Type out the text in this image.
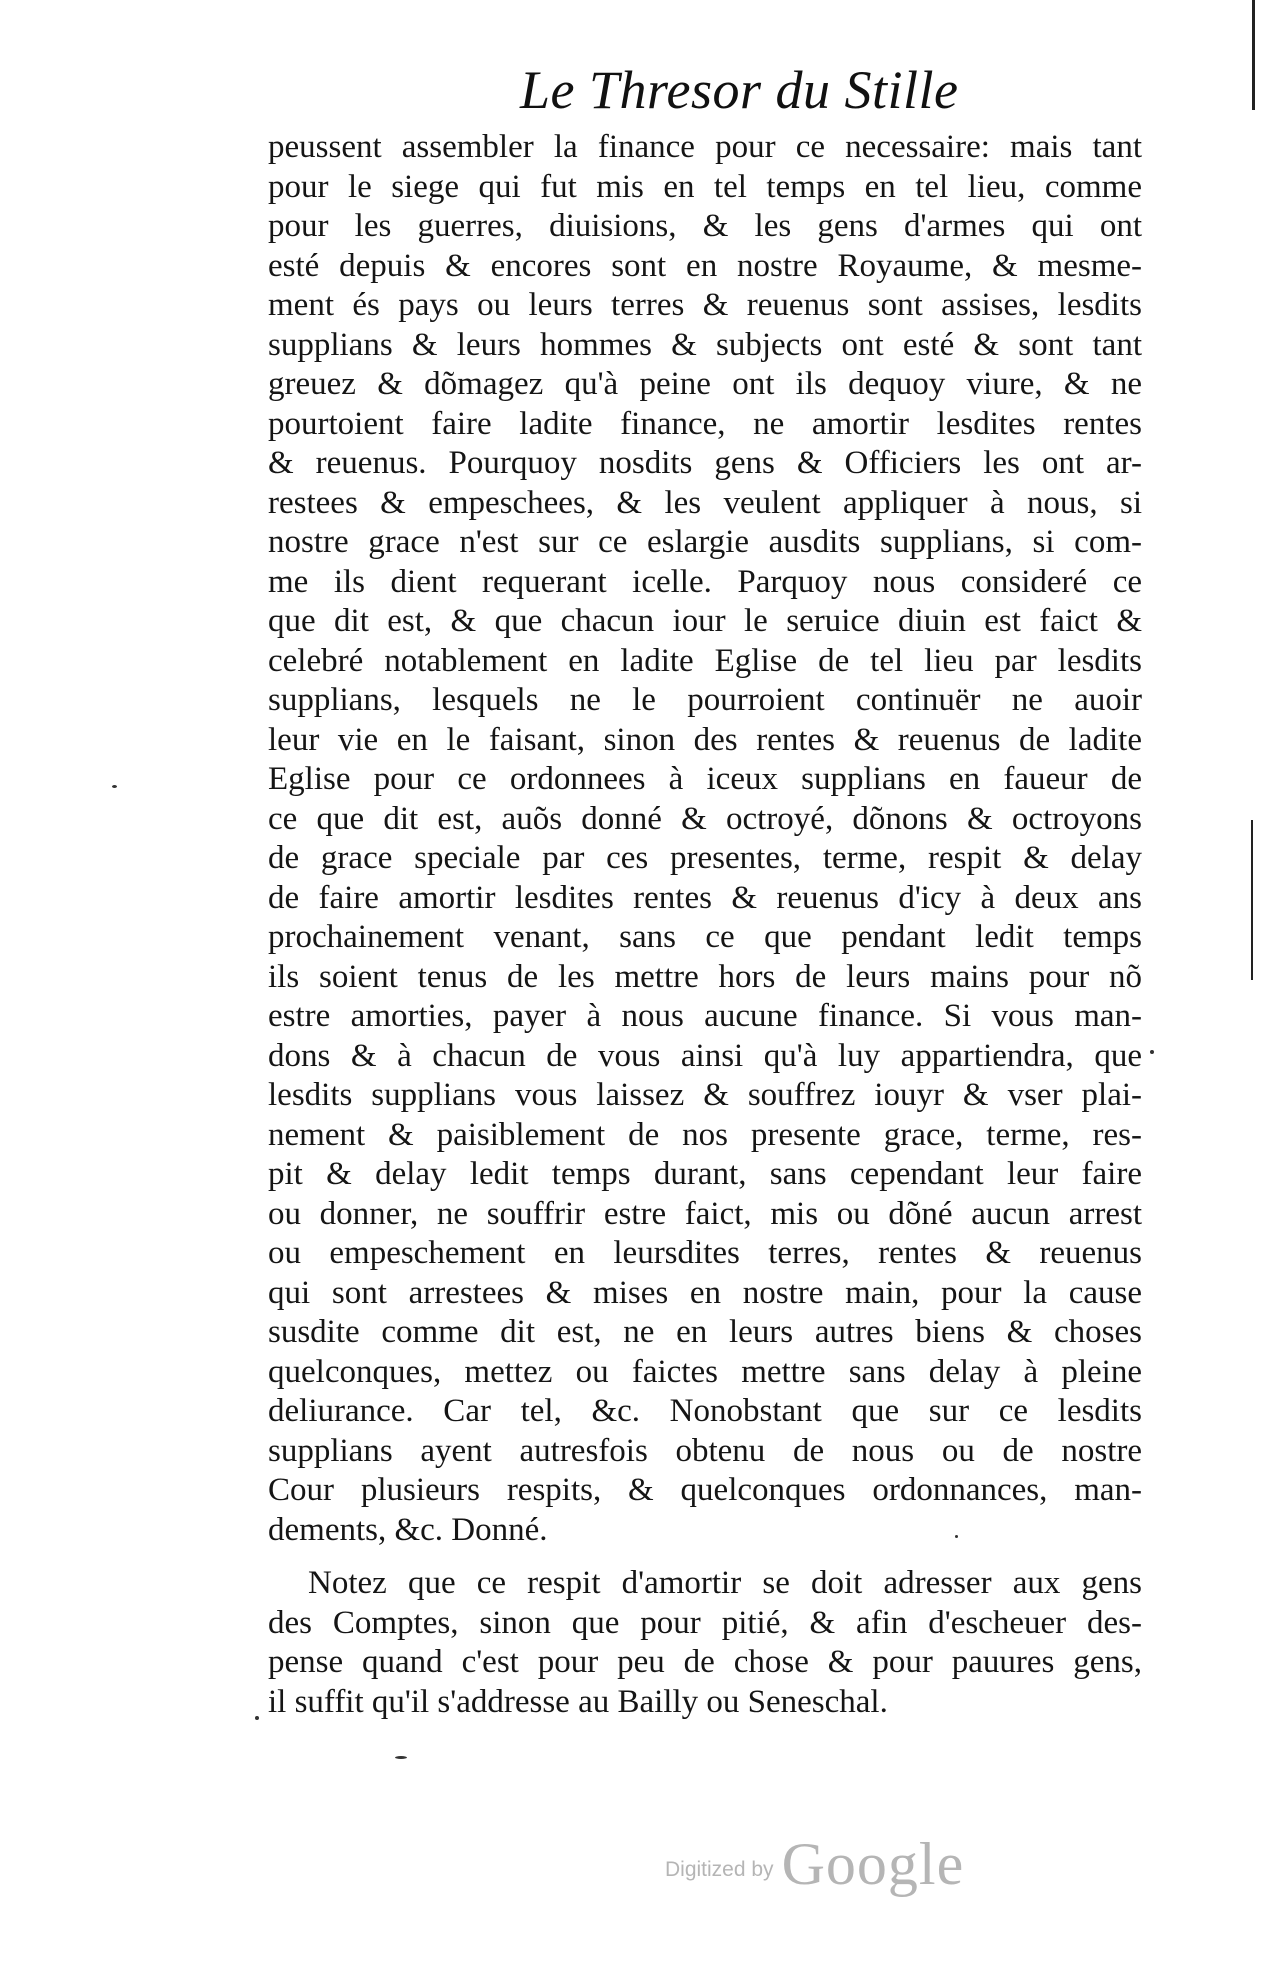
Le Thresor du Stille
peussent assembler la finance pour ce necessaire: mais tant
pour le siege qui fut mis en tel temps en tel lieu, comme
pour les guerres, diuisions, & les gens d'armes qui ont
esté depuis & encores sont en nostre Royaume, & mesme-
ment és pays ou leurs terres & reuenus sont assises, lesdits
supplians & leurs hommes & subjects ont esté & sont tant
greuez & dõmagez qu'à peine ont ils dequoy viure, & ne
pourtoient faire ladite finance, ne amortir lesdites rentes
& reuenus. Pourquoy nosdits gens & Officiers les ont ar-
restees & empeschees, & les veulent appliquer à nous, si
nostre grace n'est sur ce eslargie ausdits supplians, si com-
me ils dient requerant icelle. Parquoy nous consideré ce
que dit est, & que chacun iour le seruice diuin est faict &
celebré notablement en ladite Eglise de tel lieu par lesdits
supplians, lesquels ne le pourroient continuër ne auoir
leur vie en le faisant, sinon des rentes & reuenus de ladite
Eglise pour ce ordonnees à iceux supplians en faueur de
ce que dit est, auõs donné & octroyé, dõnons & octroyons
de grace speciale par ces presentes, terme, respit & delay
de faire amortir lesdites rentes & reuenus d'icy à deux ans
prochainement venant, sans ce que pendant ledit temps
ils soient tenus de les mettre hors de leurs mains pour nõ
estre amorties, payer à nous aucune finance. Si vous man-
dons & à chacun de vous ainsi qu'à luy appartiendra, que
lesdits supplians vous laissez & souffrez iouyr & vser plai-
nement & paisiblement de nos presente grace, terme, res-
pit & delay ledit temps durant, sans cependant leur faire
ou donner, ne souffrir estre faict, mis ou dõné aucun arrest
ou empeschement en leursdites terres, rentes & reuenus
qui sont arrestees & mises en nostre main, pour la cause
susdite comme dit est, ne en leurs autres biens & choses
quelconques, mettez ou faictes mettre sans delay à pleine
deliurance. Car tel, &c. Nonobstant que sur ce lesdits
supplians ayent autresfois obtenu de nous ou de nostre
Cour plusieurs respits, & quelconques ordonnances, man-
dements, &c. Donné.
Notez que ce respit d'amortir se doit adresser aux gens
des Comptes, sinon que pour pitié, & afin d'escheuer des-
pense quand c'est pour peu de chose & pour pauures gens,
il suffit qu'il s'addresse au Bailly ou Seneschal.
Digitized by Google
